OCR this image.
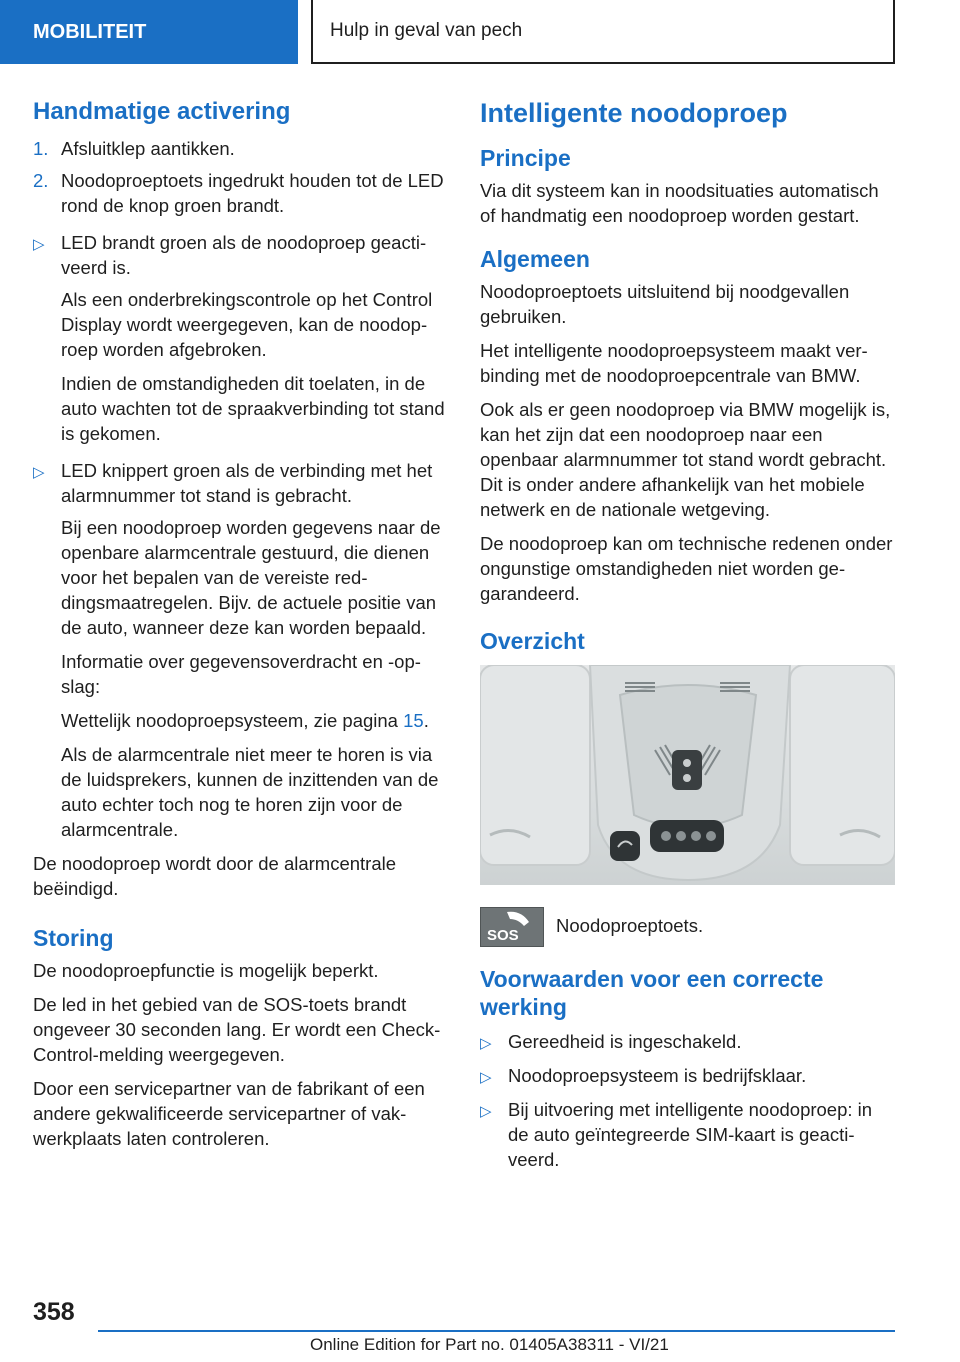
MOBILITEIT	Hulp in geval van pech
Handmatige activering
1. Afsluitklep aantikken.
2. Noodoproeptoets ingedrukt houden tot de LED rond de knop groen brandt.
▷ LED brandt groen als de noodoproep geactiveerd is.

Als een onderbrekingscontrole op het Control Display wordt weergegeven, kan de noodoproep worden afgebroken.

Indien de omstandigheden dit toelaten, in de auto wachten tot de spraakverbinding tot stand is gekomen.

▷ LED knippert groen als de verbinding met het alarmnummer tot stand is gebracht.

Bij een noodoproep worden gegevens naar de openbare alarmcentrale gestuurd, die dienen voor het bepalen van de vereiste reddingsmaatregelen. Bijv. de actuele positie van de auto, wanneer deze kan worden bepaald.

Informatie over gegevensoverdracht en -opslag:

Wettelijk noodoproepsysteem, zie pagina 15.

Als de alarmcentrale niet meer te horen is via de luidsprekers, kunnen de inzittenden van de auto echter toch nog te horen zijn voor de alarmcentrale.

De noodoproep wordt door de alarmcentrale beëindigd.

Storing

De noodoproepfunctie is mogelijk beperkt.

De led in het gebied van de SOS-toets brandt ongeveer 30 seconden lang. Er wordt een Check-Control-melding weergegeven.

Door een servicepartner van de fabrikant of een andere gekwalificeerde servicepartner of vakwerkplaats laten controleren.

Intelligente noodoproep
Principe

Via dit systeem kan in noodsituaties automatisch of handmatig een noodoproep worden gestart.

Algemeen

Noodoproeptoets uitsluitend bij noodgevallen gebruiken.

Het intelligente noodoproepsysteem maakt verbinding met de noodoproepcentrale van BMW.

Ook als er geen noodoproep via BMW mogelijk is, kan het zijn dat een noodoproep naar een openbaar alarmnummer tot stand wordt gebracht. Dit is onder andere afhankelijk van het mobiele netwerk en de nationale wetgeving.

De noodoproep kan om technische redenen onder ongunstige omstandigheden niet worden gegarandeerd.

Overzicht
SOS Noodoproeptoets.

Voorwaarden voor een correcte werking
▷ Gereedheid is ingeschakeld.
▷ Noodoproepsysteem is bedrijfsklaar.
▷ Bij uitvoering met intelligente noodoproep: in de auto geïntegreerde SIM-kaart is geactiveerd.
358
Online Edition for Part no. 01405A38311 - VI/21
